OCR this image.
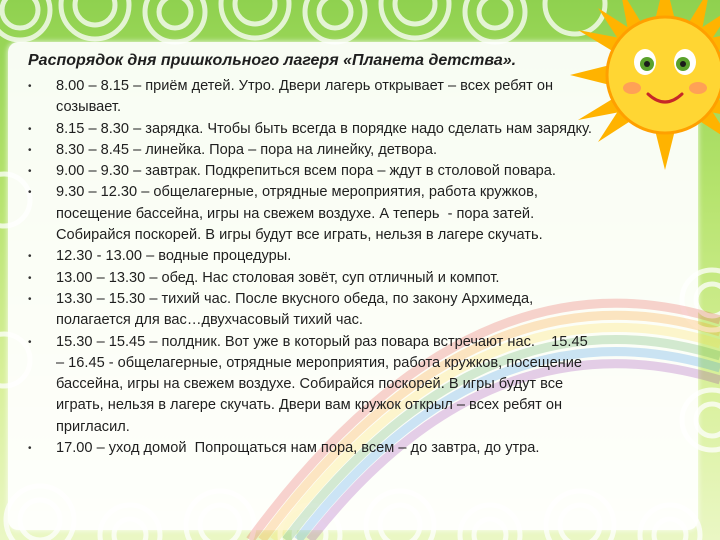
Распорядок дня пришкольного лагеря «Планета детства».
• 8.00 – 8.15 – приём детей. Утро. Двери лагерь открывает – всех ребят он
созывает.
• 8.15 – 8.30 – зарядка. Чтобы быть всегда в порядке надо сделать нам зарядку.
• 8.30 – 8.45 – линейка. Пора – пора на линейку, детвора.
• 9.00 – 9.30 – завтрак. Подкрепиться всем пора – ждут в столовой повара.
• 9.30 – 12.30 – общелагерные, отрядные мероприятия, работа кружков,
посещение бассейна, игры на свежем воздухе. А теперь  - пора затей.
Собирайся поскорей. В игры будут все играть, нельзя в лагере скучать.
• 12.30 - 13.00 – водные процедуры.
• 13.00 – 13.30 – обед. Нас столовая зовёт, суп отличный и компот.
• 13.30 – 15.30 – тихий час. После вкусного обеда, по закону Архимеда,
полагается для вас…двухчасовый тихий час.
• 15.30 – 15.45 – полдник. Вот уже в который раз повара встречают нас.    15.45
– 16.45 - общелагерные, отрядные мероприятия, работа кружков, посещение
бассейна, игры на свежем воздухе. Собирайся поскорей. В игры будут все
играть, нельзя в лагере скучать. Двери вам кружок открыл – всех ребят он
пригласил.
• 17.00 – уход домой  Попрощаться нам пора, всем – до завтра, до утра.
